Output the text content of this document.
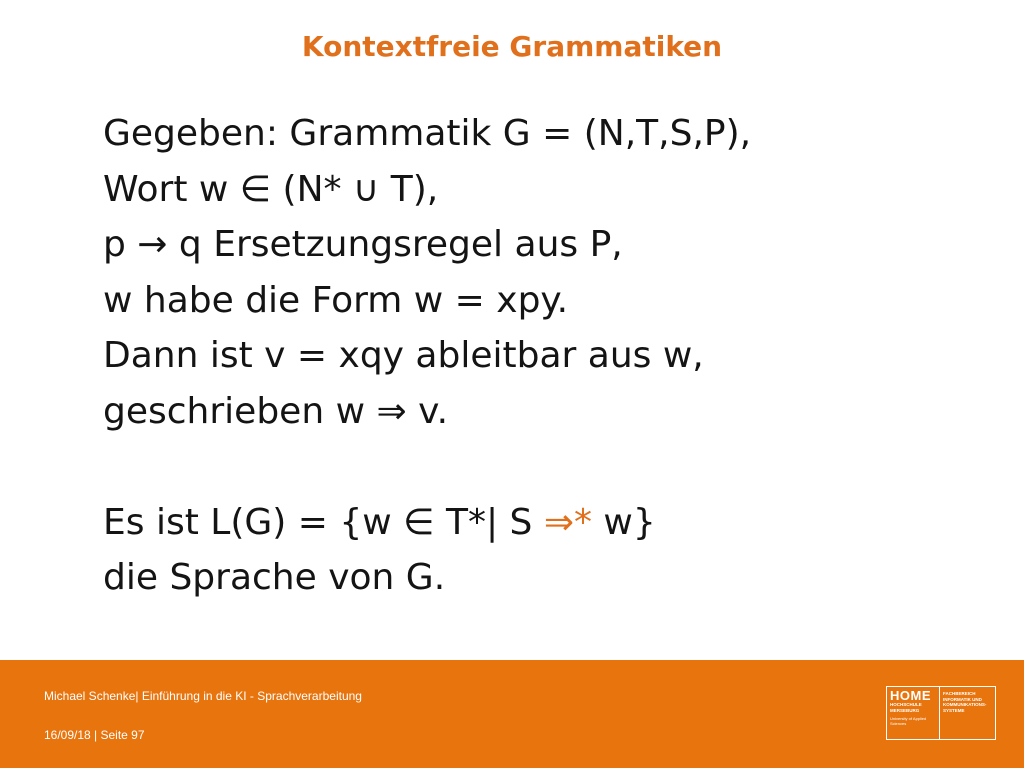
Kontextfreie Grammatiken
Gegeben: Grammatik G = (N,T,S,P),
Wort w ∈ (N* ∪ T),
p → q Ersetzungsregel aus P,
w habe die Form w = xpy.
Dann ist v = xqy ableitbar aus w,
geschrieben w ⇒ v.
Es ist L(G) = {w ∈ T*| S ⇒* w}
die Sprache von G.
Michael Schenke| Einführung in die KI - Sprachverarbeitung
16/09/18 | Seite 97
HOME
HOCHSCHULE MERSEBURG
University of Applied Sciences
FACHBEREICH INFORMATIK UND KOMMUNIKATIONS-SYSTEME
